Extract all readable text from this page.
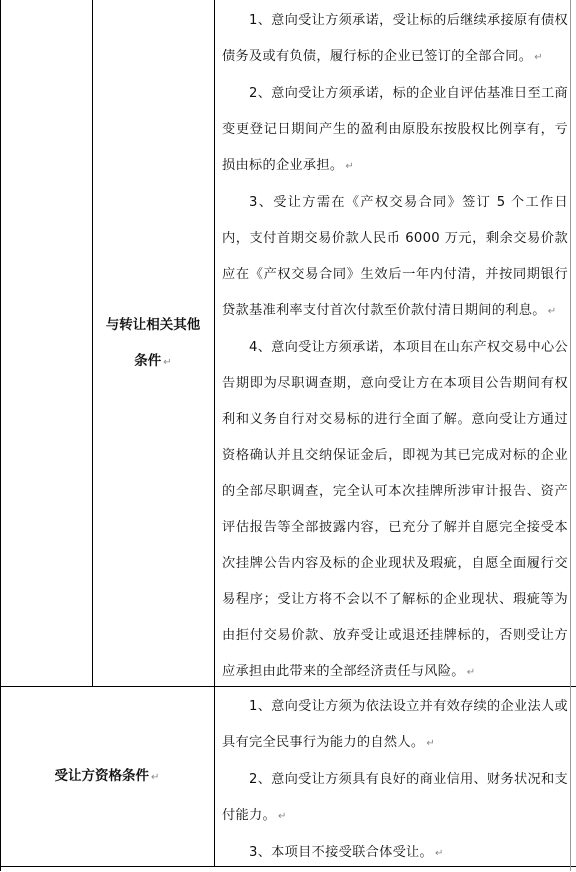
与转让相关其他
条件 ↵

1、意向受让方须承诺，受让标的后继续承接原有债权债务及或有负债，履行标的企业已签订的全部合同。 ↵

2、意向受让方须承诺，标的企业自评估基准日至工商变更登记日期间产生的盈利由原股东按股权比例享有，亏损由标的企业承担。 ↵

3、受让方需在《产权交易合同》签订 5 个工作日内，支付首期交易价款人民币 6000 万元，剩余交易价款应在《产权交易合同》生效后一年内付清，并按同期银行贷款基准利率支付首次付款至价款付清日期间的利息。 ↵

4、意向受让方须承诺，本项目在山东产权交易中心公告期即为尽职调查期，意向受让方在本项目公告期间有权利和义务自行对交易标的进行全面了解。意向受让方通过资格确认并且交纳保证金后，即视为其已完成对标的企业的全部尽职调查，完全认可本次挂牌所涉审计报告、资产评估报告等全部披露内容，已充分了解并自愿完全接受本次挂牌公告内容及标的企业现状及瑕疵，自愿全面履行交易程序；受让方将不会以不了解标的企业现状、瑕疵等为由拒付交易价款、放弃受让或退还挂牌标的，否则受让方应承担由此带来的全部经济责任与风险。 ↵

受让方资格条件 ↵

1、意向受让方须为依法设立并有效存续的企业法人或具有完全民事行为能力的自然人。 ↵

2、意向受让方须具有良好的商业信用、财务状况和支付能力。 ↵

3、本项目不接受联合体受让。 ↵
